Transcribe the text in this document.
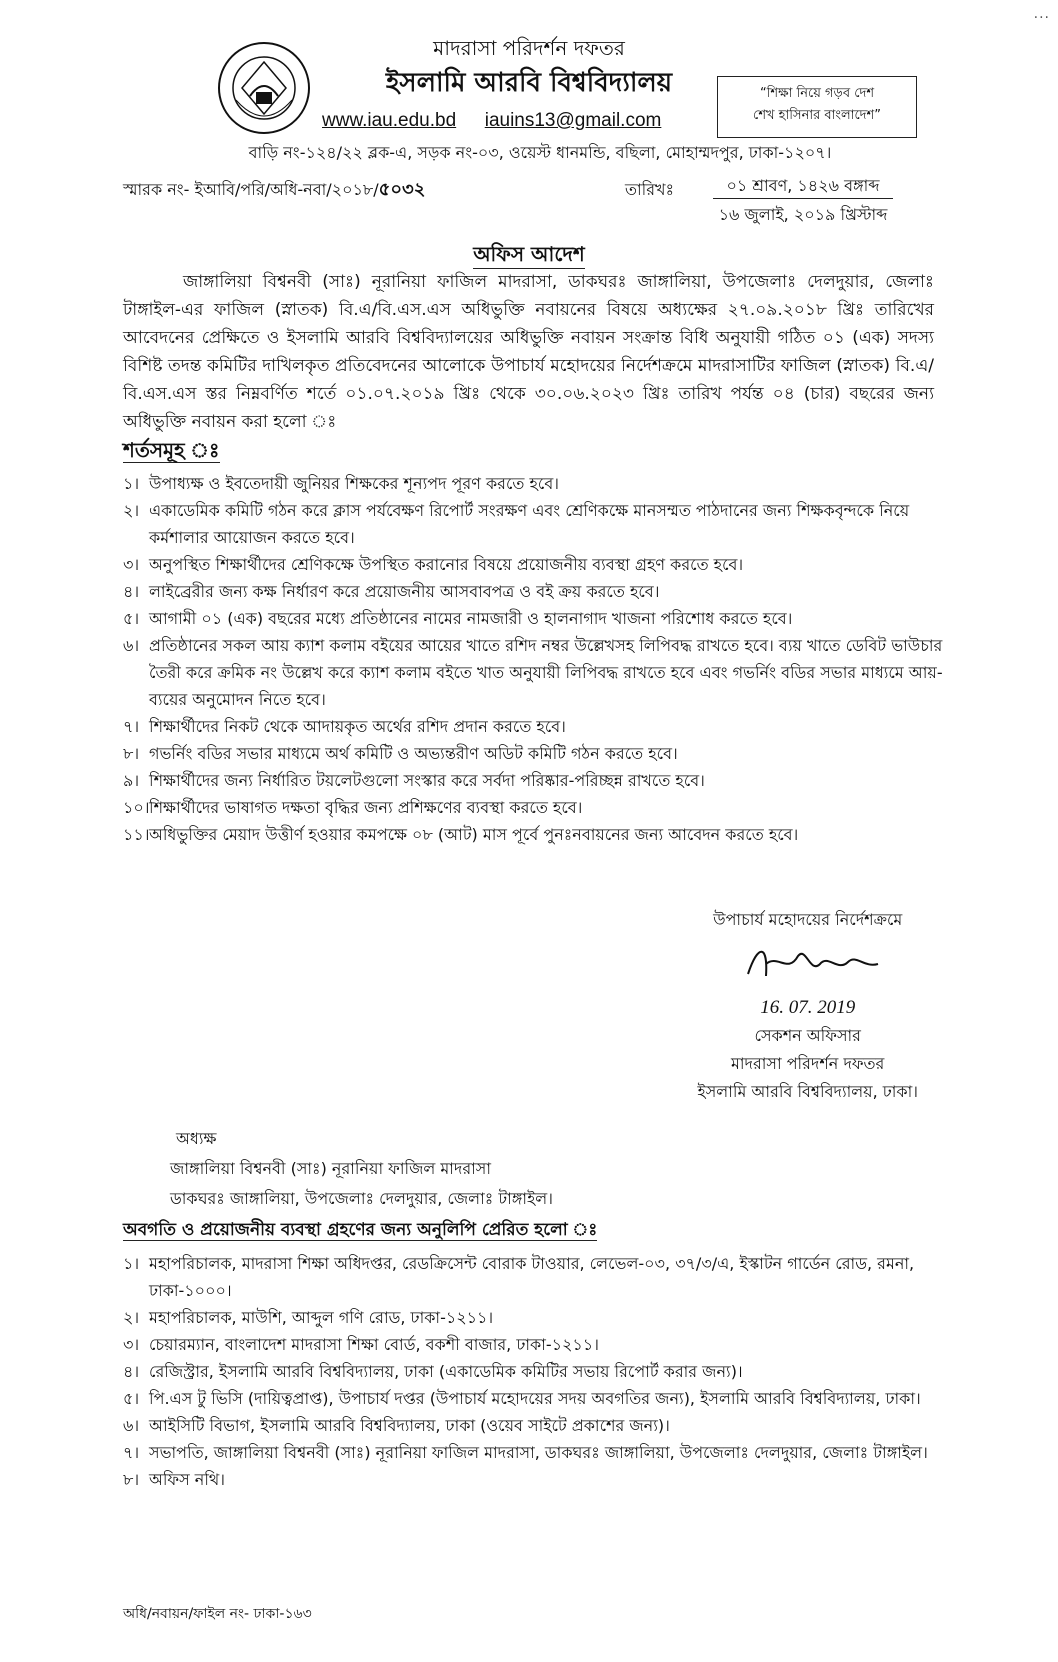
...
মাদরাসা পরিদর্শন দফতর
ইসলামি আরবি বিশ্ববিদ্যালয়
www.iau.edu.bd iauins13@gmail.com
বাড়ি নং-১২৪/২২ ব্লক-এ, সড়ক নং-০৩, ওয়েস্ট ধানমন্ডি, বছিলা, মোহাম্মদপুর, ঢাকা-১২০৭।
“শিক্ষা নিয়ে গড়ব দেশ
শেখ হাসিনার বাংলাদেশ”
স্মারক নং- ইআবি/পরি/অধি-নবা/২০১৮/৫০৩২	তারিখঃ	০১ শ্রাবণ, ১৪২৬ বঙ্গাব্দ
১৬ জুলাই, ২০১৯ খ্রিস্টাব্দ
অফিস আদেশ
জাঙ্গালিয়া বিশ্বনবী (সাঃ) নূরানিয়া ফাজিল মাদরাসা, ডাকঘরঃ জাঙ্গালিয়া, উপজেলাঃ দেলদুয়ার, জেলাঃ টাঙ্গাইল-এর ফাজিল (স্নাতক) বি.এ/বি.এস.এস অধিভুক্তি নবায়নের বিষয়ে অধ্যক্ষের ২৭.০৯.২০১৮ খ্রিঃ তারিখের আবেদনের প্রেক্ষিতে ও ইসলামি আরবি বিশ্ববিদ্যালয়ের অধিভুক্তি নবায়ন সংক্রান্ত বিধি অনুযায়ী গঠিত ০১ (এক) সদস্য বিশিষ্ট তদন্ত কমিটির দাখিলকৃত প্রতিবেদনের আলোকে উপাচার্য মহোদয়ের নির্দেশক্রমে মাদরাসাটির ফাজিল (স্নাতক) বি.এ/বি.এস.এস স্তর নিম্নবর্ণিত শর্তে ০১.০৭.২০১৯ খ্রিঃ থেকে ৩০.০৬.২০২৩ খ্রিঃ তারিখ পর্যন্ত ০৪ (চার) বছরের জন্য অধিভুক্তি নবায়ন করা হলো ঃ
শর্তসমূহ ঃ
১। উপাধ্যক্ষ ও ইবতেদায়ী জুনিয়র শিক্ষকের শূন্যপদ পূরণ করতে হবে।
২। একাডেমিক কমিটি গঠন করে ক্লাস পর্যবেক্ষণ রিপোর্ট সংরক্ষণ এবং শ্রেণিকক্ষে মানসম্মত পাঠদানের জন্য শিক্ষকবৃন্দকে নিয়ে কর্মশালার আয়োজন করতে হবে।
৩। অনুপস্থিত শিক্ষার্থীদের শ্রেণিকক্ষে উপস্থিত করানোর বিষয়ে প্রয়োজনীয় ব্যবস্থা গ্রহণ করতে হবে।
৪। লাইব্রেরীর জন্য কক্ষ নির্ধারণ করে প্রয়োজনীয় আসবাবপত্র ও বই ক্রয় করতে হবে।
৫। আগামী ০১ (এক) বছরের মধ্যে প্রতিষ্ঠানের নামের নামজারী ও হালনাগাদ খাজনা পরিশোধ করতে হবে।
৬। প্রতিষ্ঠানের সকল আয় ক্যাশ কলাম বইয়ের আয়ের খাতে রশিদ নম্বর উল্লেখসহ লিপিবদ্ধ রাখতে হবে। ব্যয় খাতে ডেবিট ভাউচার তৈরী করে ক্রমিক নং উল্লেখ করে ক্যাশ কলাম বইতে খাত অনুযায়ী লিপিবদ্ধ রাখতে হবে এবং গভর্নিং বডির সভার মাধ্যমে আয়-ব্যয়ের অনুমোদন নিতে হবে।
৭। শিক্ষার্থীদের নিকট থেকে আদায়কৃত অর্থের রশিদ প্রদান করতে হবে।
৮। গভর্নিং বডির সভার মাধ্যমে অর্থ কমিটি ও অভ্যন্তরীণ অডিট কমিটি গঠন করতে হবে।
৯। শিক্ষার্থীদের জন্য নির্ধারিত টয়লেটগুলো সংস্কার করে সর্বদা পরিষ্কার-পরিচ্ছন্ন রাখতে হবে।
১০। শিক্ষার্থীদের ভাষাগত দক্ষতা বৃদ্ধির জন্য প্রশিক্ষণের ব্যবস্থা করতে হবে।
১১। অধিভুক্তির মেয়াদ উত্তীর্ণ হওয়ার কমপক্ষে ০৮ (আট) মাস পূর্বে পুনঃনবায়নের জন্য আবেদন করতে হবে।
উপাচার্য মহোদয়ের নির্দেশক্রমে
16. 07. 2019
সেকশন অফিসার
মাদরাসা পরিদর্শন দফতর
ইসলামি আরবি বিশ্ববিদ্যালয়, ঢাকা।
অধ্যক্ষ
জাঙ্গালিয়া বিশ্বনবী (সাঃ) নূরানিয়া ফাজিল মাদরাসা
ডাকঘরঃ জাঙ্গালিয়া, উপজেলাঃ দেলদুয়ার, জেলাঃ টাঙ্গাইল।
অবগতি ও প্রয়োজনীয় ব্যবস্থা গ্রহণের জন্য অনুলিপি প্রেরিত হলো ঃ
১। মহাপরিচালক, মাদরাসা শিক্ষা অধিদপ্তর, রেডক্রিসেন্ট বোরাক টাওয়ার, লেভেল-০৩, ৩৭/৩/এ, ইস্কাটন গার্ডেন রোড, রমনা, ঢাকা-১০০০।
২। মহাপরিচালক, মাউশি, আব্দুল গণি রোড, ঢাকা-১২১১।
৩। চেয়ারম্যান, বাংলাদেশ মাদরাসা শিক্ষা বোর্ড, বকশী বাজার, ঢাকা-১২১১।
৪। রেজিস্ট্রার, ইসলামি আরবি বিশ্ববিদ্যালয়, ঢাকা (একাডেমিক কমিটির সভায় রিপোর্ট করার জন্য)।
৫। পি.এস টু ভিসি (দায়িত্বপ্রাপ্ত), উপাচার্য দপ্তর (উপাচার্য মহোদয়ের সদয় অবগতির জন্য), ইসলামি আরবি বিশ্ববিদ্যালয়, ঢাকা।
৬। আইসিটি বিভাগ, ইসলামি আরবি বিশ্ববিদ্যালয়, ঢাকা (ওয়েব সাইটে প্রকাশের জন্য)।
৭। সভাপতি, জাঙ্গালিয়া বিশ্বনবী (সাঃ) নূরানিয়া ফাজিল মাদরাসা, ডাকঘরঃ জাঙ্গালিয়া, উপজেলাঃ দেলদুয়ার, জেলাঃ টাঙ্গাইল।
৮। অফিস নথি।
অধি/নবায়ন/ফাইল নং- ঢাকা-১৬৩
